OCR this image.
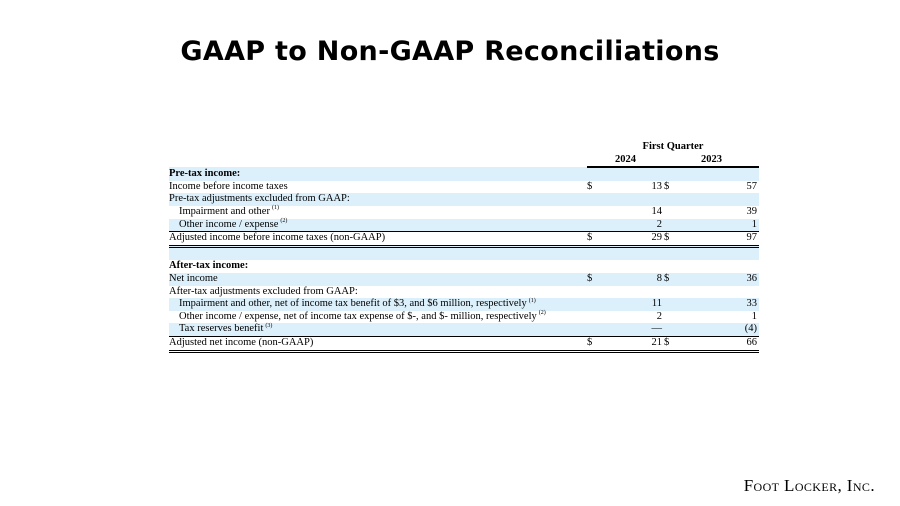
GAAP to Non-GAAP Reconciliations
	First Quarter			
	2024		2023	
Pre-tax income:				
Income before income taxes	$	13	$	57
Pre-tax adjustments excluded from GAAP:				
Impairment and other $^{(1)}$		14		39
Other income / expense $^{(2)}$		2		1
Adjusted income before income taxes (non-GAAP)	$	29	$	97

After-tax income:				
Net income	$	8	$	36
After-tax adjustments excluded from GAAP:				
Impairment and other, net of income tax benefit of $3, and $6 million, respectively $^{(1)}$		11		33
Other income / expense, net of income tax expense of $-, and $- million, respectively $^{(2)}$		2		1
Tax reserves benefit $^{(3)}$		—		(4)
Adjusted net income (non-GAAP)	$	21	$	66
Foot Locker, Inc.
